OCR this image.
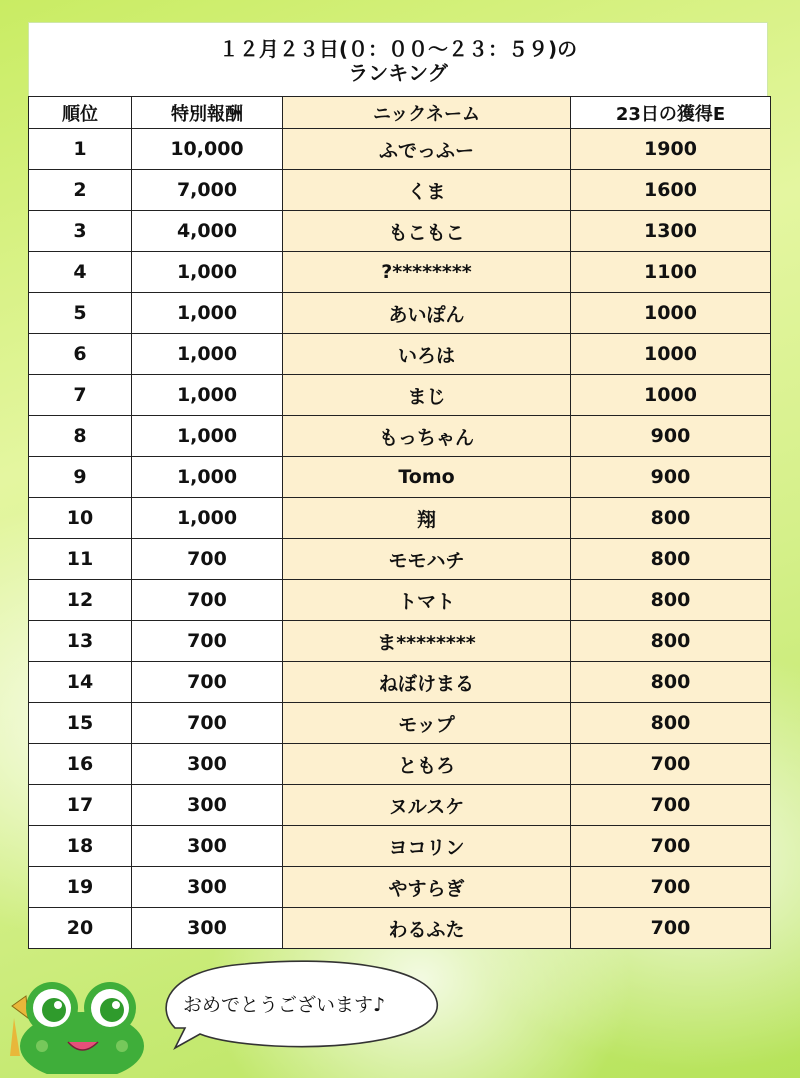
１２月２３日(０：００～２３：５９)の
ランキング
順位	特別報酬	ニックネーム	23日の獲得E
1	10,000	ふでっふー	1900
2	7,000	くま	1600
3	4,000	もこもこ	1300
4	1,000	?********	1100
5	1,000	あいぽん	1000
6	1,000	いろは	1000
7	1,000	まじ	1000
8	1,000	もっちゃん	900
9	1,000	Tomo	900
10	1,000	翔	800
11	700	モモハチ	800
12	700	トマト	800
13	700	ま********	800
14	700	ねぼけまる	800
15	700	モップ	800
16	300	ともろ	700
17	300	ヌルスケ	700
18	300	ヨコリン	700
19	300	やすらぎ	700
20	300	わるふた	700
おめでとうございます♪
